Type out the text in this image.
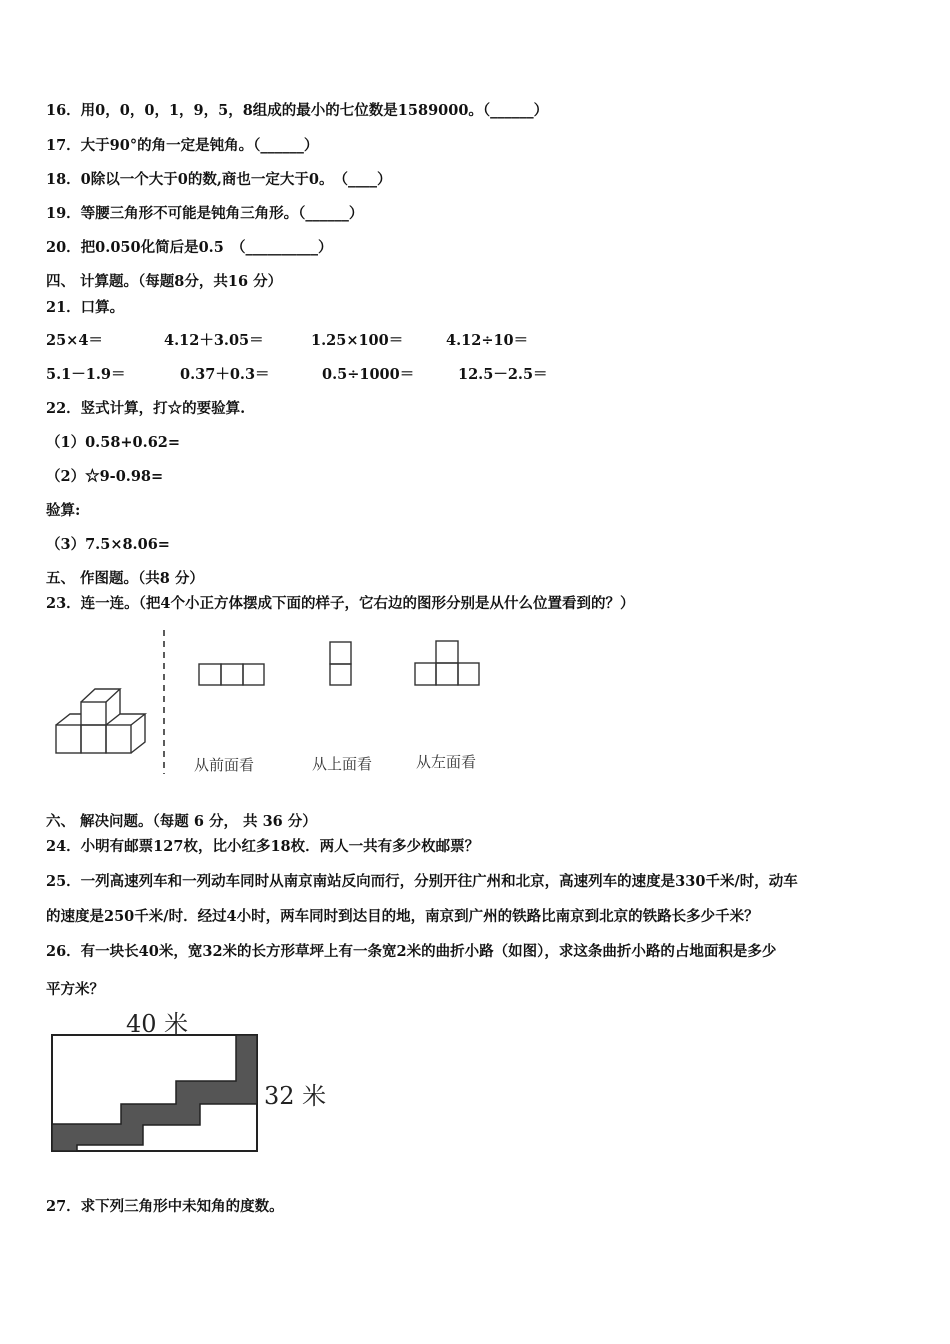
16．用0，0，0，1，9，5，8组成的最小的七位数是1589000。（______）
17．大于90°的角一定是钝角。（______）
18．0除以一个大于0的数,商也一定大于0。　（____）
19．等腰三角形不可能是钝角三角形。（______）
20．把0.050化简后是0.5　（__________）
四、 计算题。（每题8分，共16 分）
21．口算。
25×4＝	4.12＋3.05＝	1.25×100＝	4.12÷10＝
5.1－1.9＝	0.37＋0.3＝	0.5÷1000＝	12.5－2.5＝
22．竖式计算，打☆的要验算.
（1）0.58+0.62=
（2）☆9-0.98=
验算:
（3）7.5×8.06=
五、 作图题。（共8 分）
23．连一连。（把4个小正方体摆成下面的样子，它右边的图形分别是从什么位置看到的？）
从前面看	从上面看	从左面看
六、 解决问题。（每题 6 分， 共 36 分）
24．小明有邮票127枚，比小红多18枚．两人一共有多少枚邮票？
25．一列高速列车和一列动车同时从南京南站反向而行，分别开往广州和北京，高速列车的速度是330千米/时，动车
的速度是250千米/时．经过4小时，两车同时到达目的地，南京到广州的铁路比南京到北京的铁路长多少千米？
26．有一块长40米，宽32米的长方形草坪上有一条宽2米的曲折小路（如图），求这条曲折小路的占地面积是多少
平方米？
40 米
32 米
27．求下列三角形中未知角的度数。
